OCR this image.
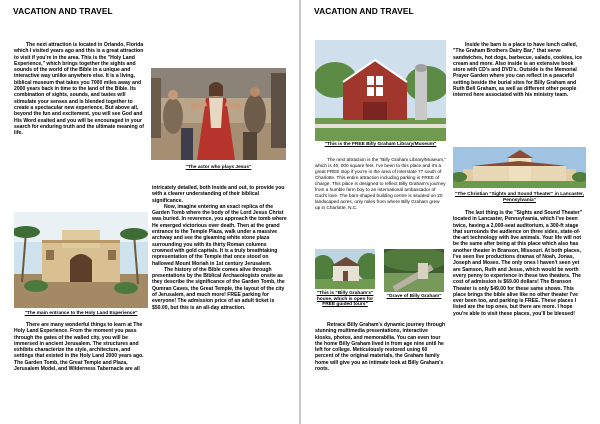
VACATION AND TRAVEL

The next attraction is located in Orlando, Florida which I visited years ago and this is a great attraction to visit if you're in the area. This is the "Holy Land Experience," which brings together the sights and sounds of the world of the Bible in a unique and interactive way unlike anywhere else. It is a living, biblical museum that takes you 7000 miles away and 2000 years back in time to the land of the Bible. Its combination of sights, sounds, and tastes will stimulate your senses and is blended together to create a spectacular new experience. But above all, beyond the fun and excitement, you will see God and His Word exalted and you will be encouraged in your search for enduring truth and the ultimate meaning of life.

"The actor who plays Jesus"
"The main entrance to the Holy Land Experience"

There are many wonderful things to learn at The Holy Land Experience. From the moment you pass through the gates of the walled city, you will be immersed in ancient Jerusalem. The structures and exhibits characterize the style, architecture, and settings that existed in the Holy Land 2000 years ago. The Garden Tomb, the Great Temple and Plaza, Jerusalem Model, and Wilderness Tabernacle are all

intricately detailed, both inside and out, to provide you with a clearer understanding of their biblical significance.

Now, imagine entering an exact replica of the Garden Tomb where the body of the Lord Jesus Christ was buried. In reverence, you approach the tomb where He emerged victorious over death. Then at the grand entrance to the Temple Plaza, walk under a massive archway and see the gleaming white stone plaza surrounding you with its thirty Roman columns crowned with gold capitals. It is a truly breathtaking representation of the Temple that once stood on hallowed Mount Moriah in 1st century Jerusalem.

The history of the Bible comes alive through presentations by the Biblical Archaeologists onsite as they describe the significance of the Garden Tomb, the Qumran Caves, the Great Temple, the layout of the city of Jerusalem, and much more! FREE parking for everyone! The admission price of an adult ticket is $50.00, but this is an all-day attraction.

VACATION AND TRAVEL
"This is the FREE Billy Graham Library/Museum"

The next attraction is the "Billy Graham Library/Museum," which is 40, 000 square feet. I've been to this place and it's a great FREE stop if you're in the area of Interstate 77 south of Charlotte. This entire attraction including parking is FREE of charge. This place is designed to reflect Billy Graham's journey from a humble farm boy to an international ambassador of God's love. The barn-shaped building centre is situated on 20 landscaped acres, only miles from where Billy Graham grew up in Charlotte, N.C.

"This is "Billy Graham's" house, which is open for FREE guided tours"
"Grave of Billy Graham"

Retrace Billy Graham's dynamic journey through stunning multimedia presentations, interactive kiosks, photos, and memorabilia. You can even tour the home Billy Graham lived in from age nine until he left for college. Meticulously restored using 60 percent of the original materials, the Graham family home will give you an intimate look at Billy Graham's roots.

Inside the barn is a place to have lunch called, "The Graham Brothers Dairy Bar," that serve sandwiches, hot dogs, barbecue, salads, cookies, ice cream and more. Also inside is an extensive book store with CD's and DVD's. Outside is the Memorial Prayer Garden where you can reflect in a peaceful setting beside the burial sites for Billy Graham and Ruth Bell Graham, as well as different other people interred here associated with his ministry team.

"The Christian "Sights and Sound Theater" in Lancaster, Pennsylvania"

The last thing is the "Sights and Sound Theater" located in Lancaster, Pennsylvania, which I've been twice, having a 2,000-seat auditorium, a 300-ft stage that surrounds the audience on three sides, state-of-the-art technology with live animals. Your life will not be the same after being at this place which also has another theater in Branson, Missouri. At both places, I've seen live productions dramas of Noah, Jonas, Joseph and Moses. The only ones I haven't seen yet are Samson, Ruth and Jesus, which would be worth every penny to experience in these two theaters. The cost of admission is $69.00 dollars! The Branson Theater is only $49.00 for these same shows. This place brings the bible alive like no other theater I've ever been too, and parking is FREE. These places I listed are the top ones, but there are more. I hope you're able to visit these places, you'll be blessed!
